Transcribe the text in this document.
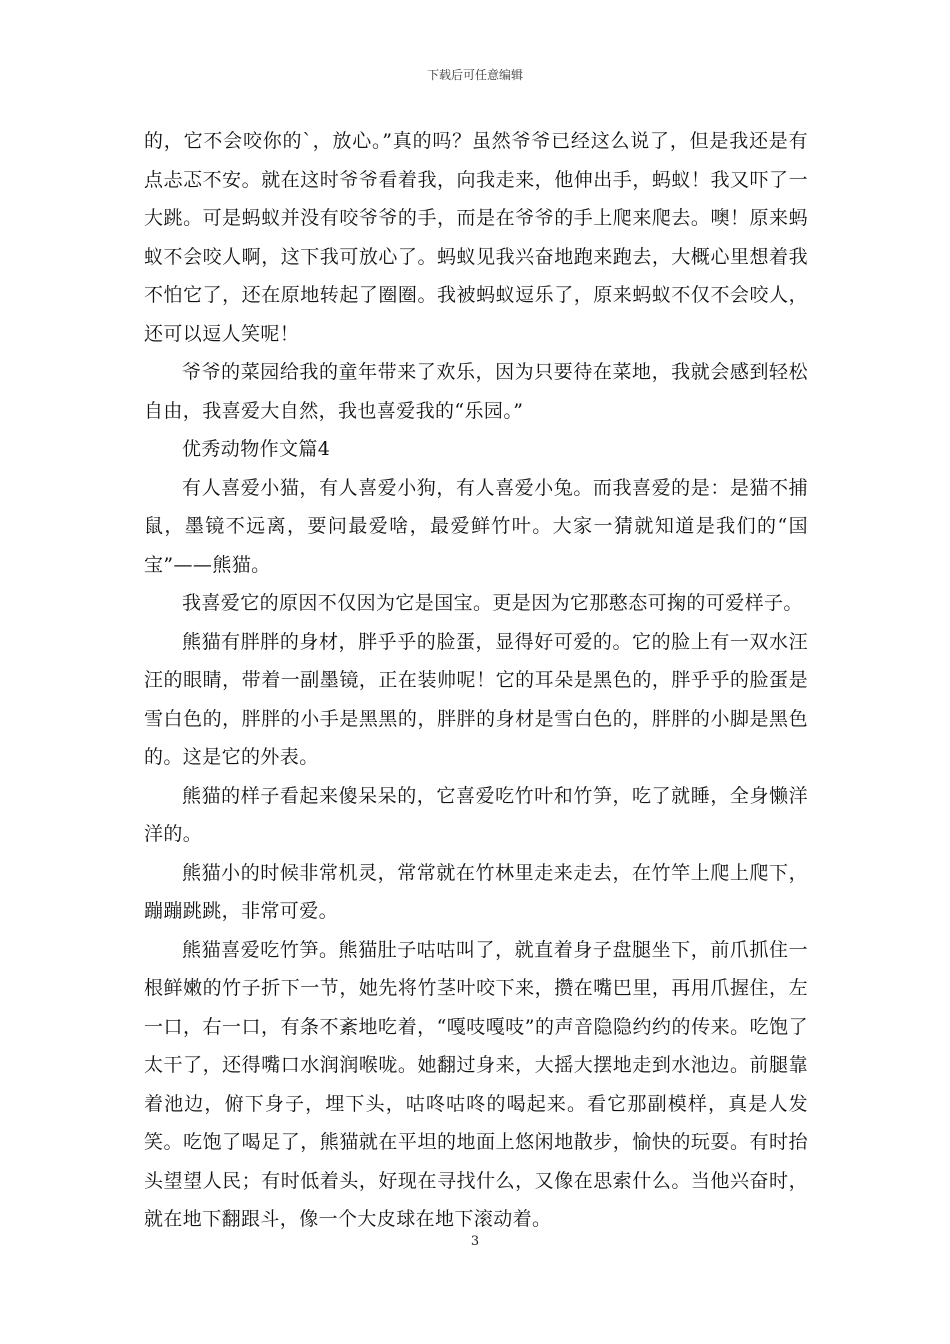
下载后可任意编辑

的，它不会咬你的`，放心。”真的吗？虽然爷爷已经这么说了，但是我还是有点忐忑不安。就在这时爷爷看着我，向我走来，他伸出手，蚂蚁！我又吓了一大跳。可是蚂蚁并没有咬爷爷的手，而是在爷爷的手上爬来爬去。噢！原来蚂蚁不会咬人啊，这下我可放心了。蚂蚁见我兴奋地跑来跑去，大概心里想着我不怕它了，还在原地转起了圈圈。我被蚂蚁逗乐了，原来蚂蚁不仅不会咬人，还可以逗人笑呢！

爷爷的菜园给我的童年带来了欢乐，因为只要待在菜地，我就会感到轻松自由，我喜爱大自然，我也喜爱我的“乐园。”

优秀动物作文篇4

有人喜爱小猫，有人喜爱小狗，有人喜爱小兔。而我喜爱的是：是猫不捕鼠，墨镜不远离，要问最爱啥，最爱鲜竹叶。大家一猜就知道是我们的“国宝”——熊猫。

我喜爱它的原因不仅因为它是国宝。更是因为它那憨态可掬的可爱样子。

熊猫有胖胖的身材，胖乎乎的脸蛋，显得好可爱的。它的脸上有一双水汪汪的眼睛，带着一副墨镜，正在装帅呢！它的耳朵是黑色的，胖乎乎的脸蛋是雪白色的，胖胖的小手是黑黑的，胖胖的身材是雪白色的，胖胖的小脚是黑色的。这是它的外表。

熊猫的样子看起来傻呆呆的，它喜爱吃竹叶和竹笋，吃了就睡，全身懒洋洋的。

熊猫小的时候非常机灵，常常就在竹林里走来走去，在竹竿上爬上爬下，蹦蹦跳跳，非常可爱。

熊猫喜爱吃竹笋。熊猫肚子咕咕叫了，就直着身子盘腿坐下，前爪抓住一根鲜嫩的竹子折下一节，她先将竹茎叶咬下来，攒在嘴巴里，再用爪握住，左一口，右一口，有条不紊地吃着，“嘎吱嘎吱”的声音隐隐约约的传来。吃饱了太干了，还得嘴口水润润喉咙。她翻过身来，大摇大摆地走到水池边。前腿靠着池边，俯下身子，埋下头，咕咚咕咚的喝起来。看它那副模样，真是人发笑。吃饱了喝足了，熊猫就在平坦的地面上悠闲地散步，愉快的玩耍。有时抬头望望人民；有时低着头，好现在寻找什么，又像在思索什么。当他兴奋时，就在地下翻跟斗，像一个大皮球在地下滚动着。

3
